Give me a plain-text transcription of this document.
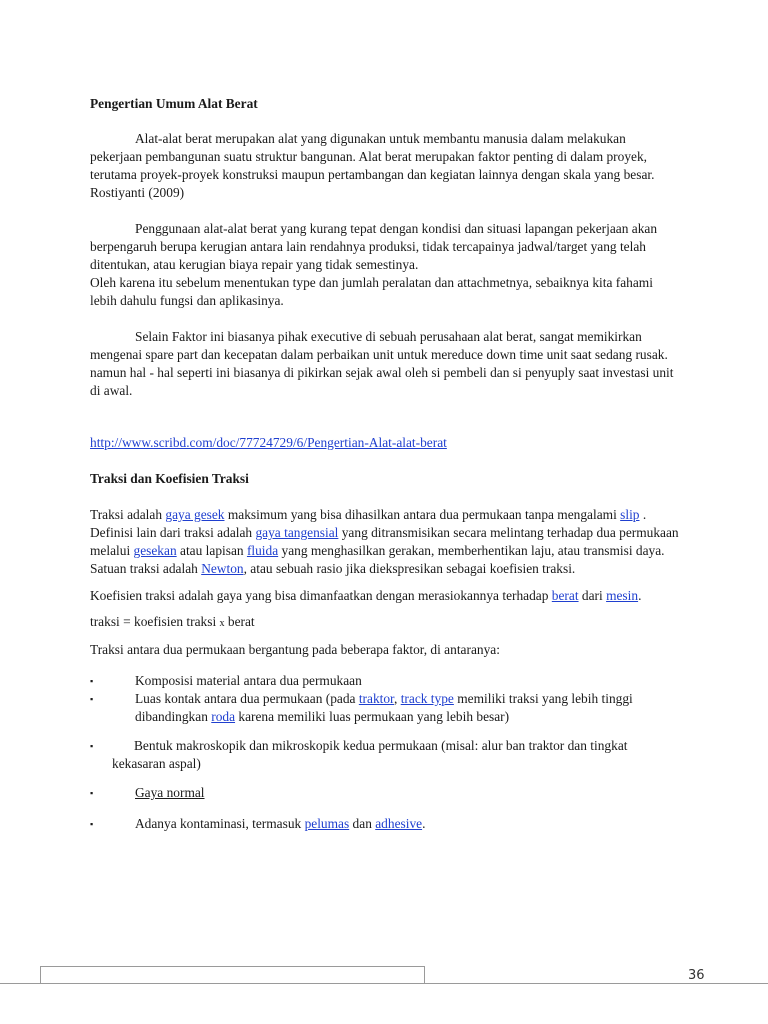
Pengertian Umum Alat Berat

Alat-alat berat merupakan alat yang digunakan untuk membantu manusia dalam melakukan pekerjaan pembangunan suatu struktur bangunan. Alat berat merupakan faktor penting di dalam proyek, terutama proyek-proyek konstruksi maupun pertambangan dan kegiatan lainnya dengan skala yang besar. Rostiyanti (2009)

Penggunaan alat-alat berat yang kurang tepat dengan kondisi dan situasi lapangan pekerjaan akan berpengaruh berupa kerugian antara lain rendahnya produksi, tidak tercapainya jadwal/target yang telah ditentukan, atau kerugian biaya repair yang tidak semestinya.

Oleh karena itu sebelum menentukan type dan jumlah peralatan dan attachmetnya, sebaiknya kita fahami lebih dahulu fungsi dan aplikasinya.

Selain Faktor ini biasanya pihak executive di sebuah perusahaan alat berat, sangat memikirkan mengenai spare part dan kecepatan dalam perbaikan unit untuk mereduce down time unit saat sedang rusak. namun hal - hal seperti ini biasanya di pikirkan sejak awal oleh si pembeli dan si penyuply saat investasi unit di awal.

http://www.scribd.com/doc/77724729/6/Pengertian-Alat-alat-berat

Traksi dan Koefisien Traksi

Traksi adalah gaya gesek maksimum yang bisa dihasilkan antara dua permukaan tanpa mengalami slip . Definisi lain dari traksi adalah gaya tangensial yang ditransmisikan secara melintang terhadap dua permukaan melalui gesekan atau lapisan fluida yang menghasilkan gerakan, memberhentikan laju, atau transmisi daya. Satuan traksi adalah Newton, atau sebuah rasio jika diekspresikan sebagai koefisien traksi.

Koefisien traksi adalah gaya yang bisa dimanfaatkan dengan merasiokannya terhadap berat dari mesin.

traksi = koefisien traksi x berat

Traksi antara dua permukaan bergantung pada beberapa faktor, di antaranya:

▪	Komposisi material antara dua permukaan
▪	Luas kontak antara dua permukaan (pada traktor, track type memiliki traksi yang lebih tinggi dibandingkan roda karena memiliki luas permukaan yang lebih besar)
▪	Bentuk makroskopik dan mikroskopik kedua permukaan (misal: alur ban traktor dan tingkat kekasaran aspal)
▪	Gaya normal
▪	Adanya kontaminasi, termasuk pelumas dan adhesive.
36
